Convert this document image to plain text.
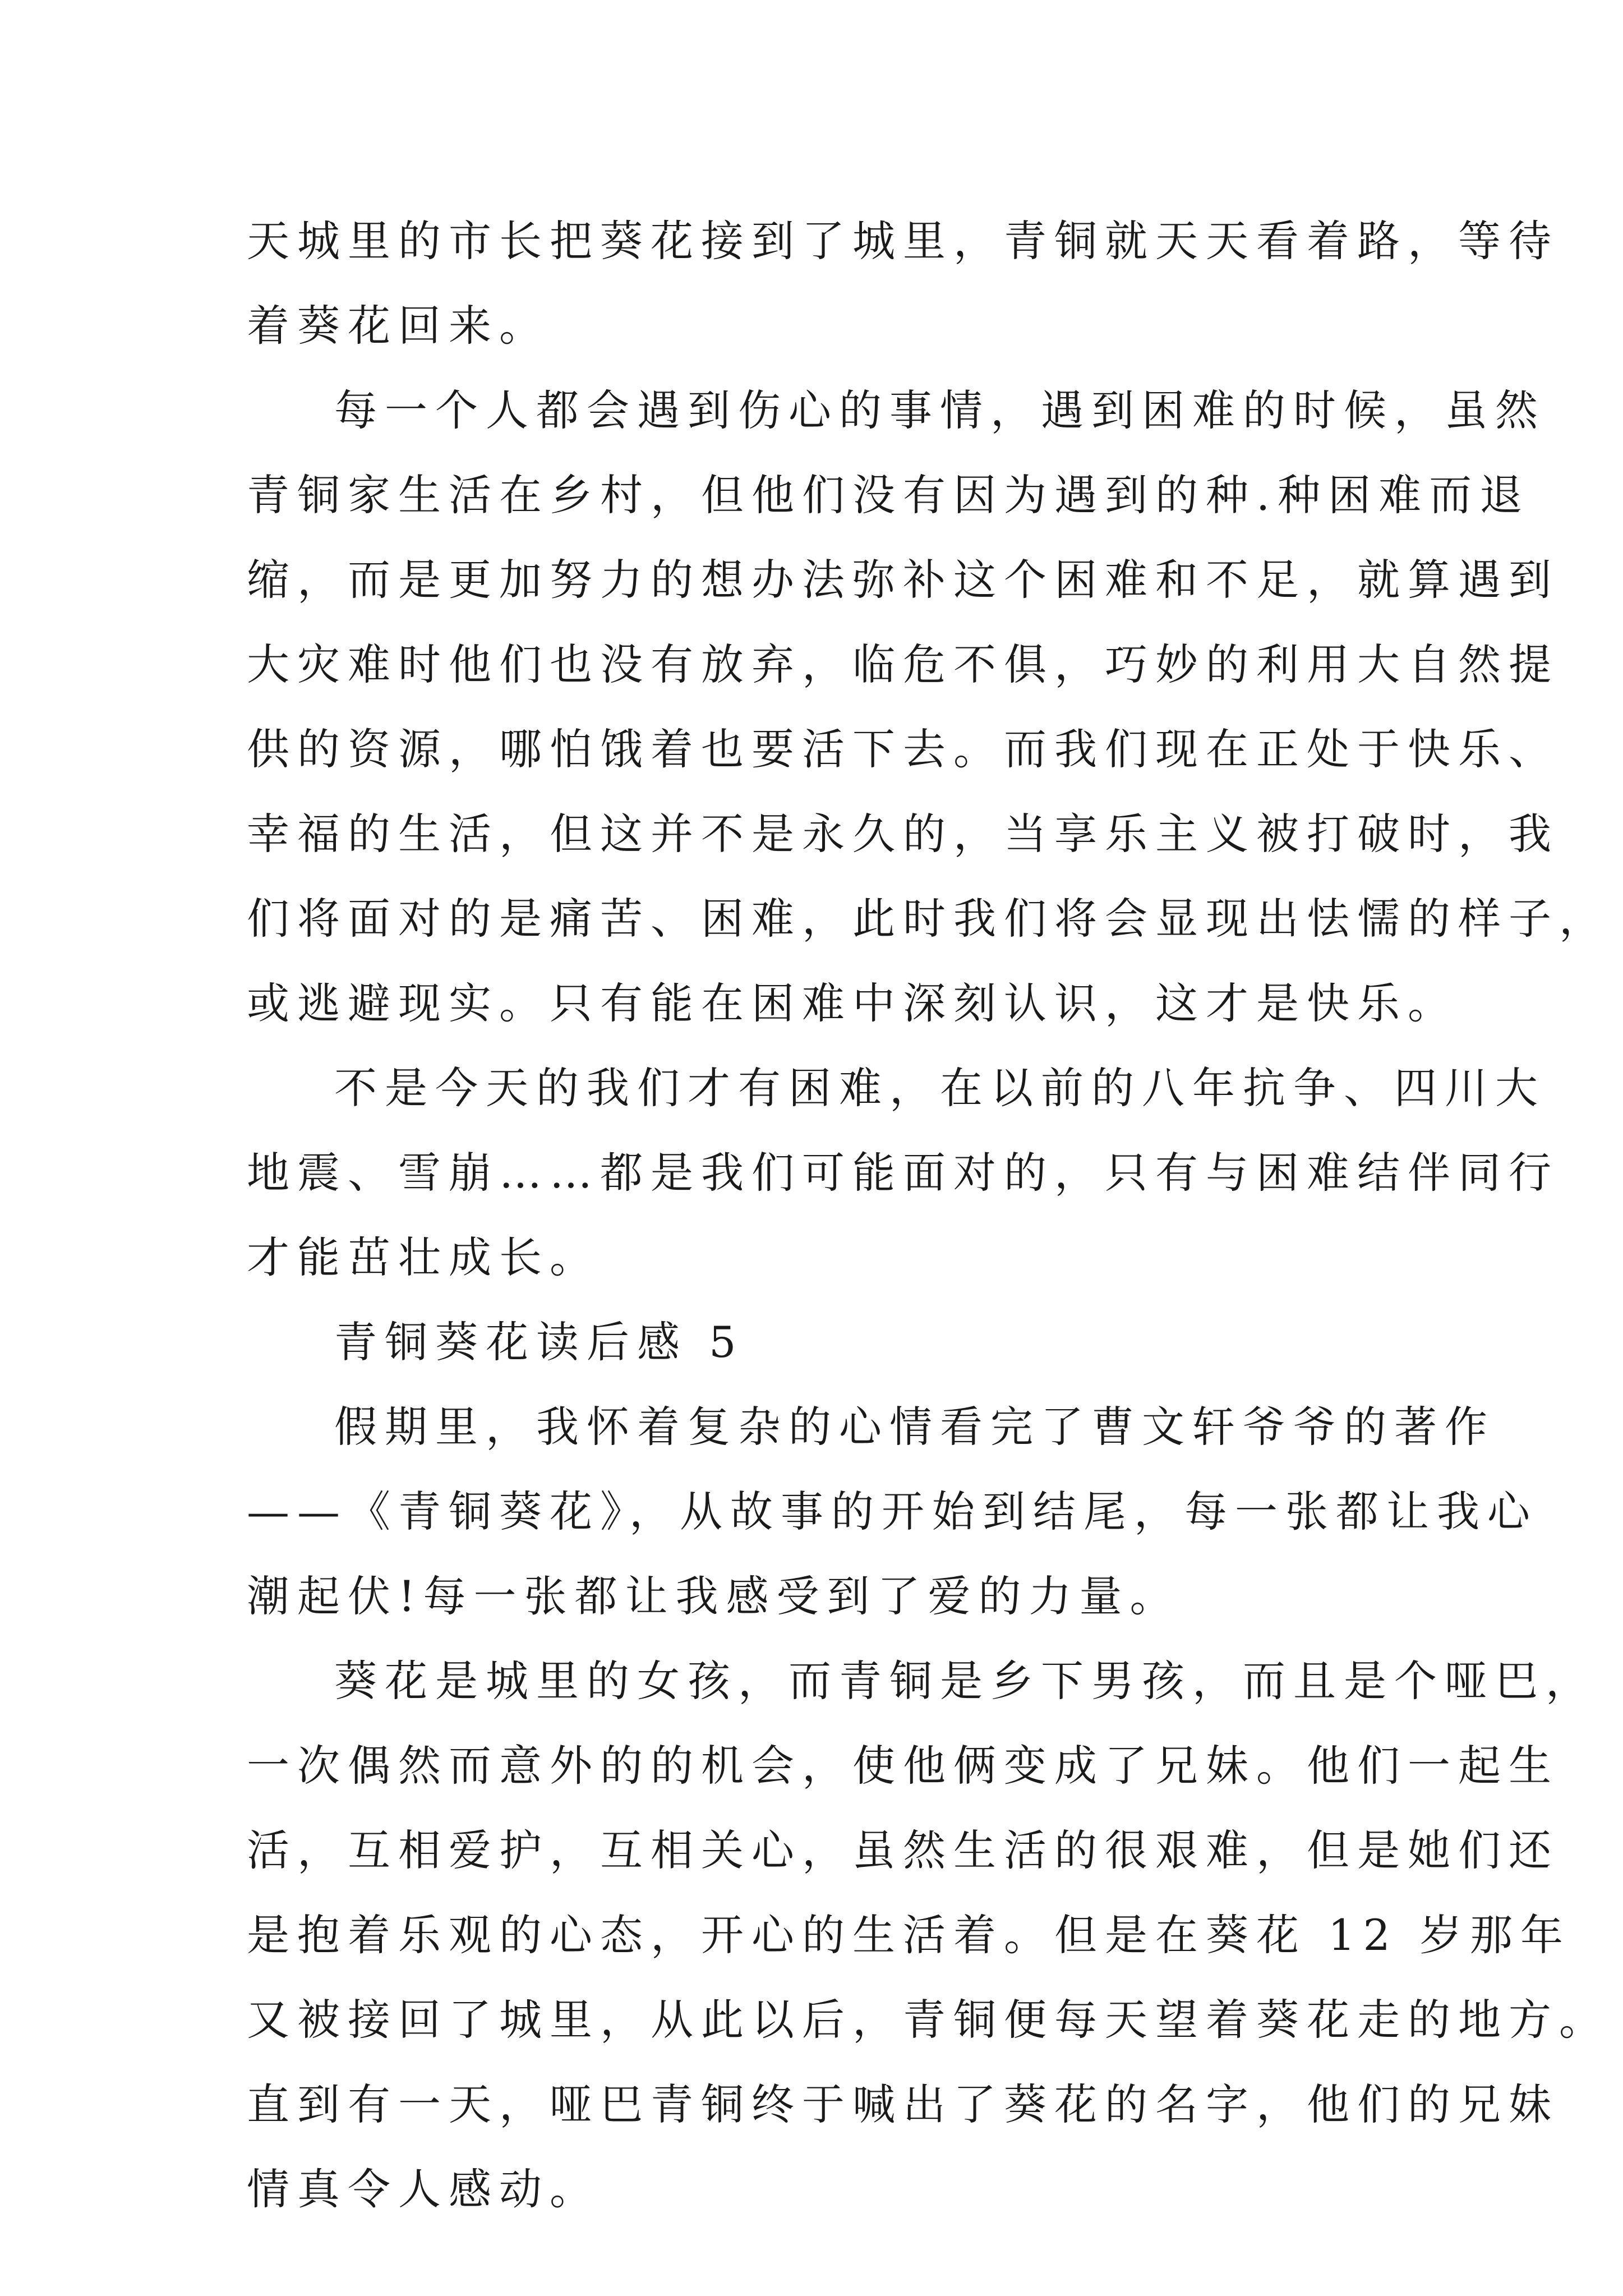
天城里的市长把葵花接到了城里，青铜就天天看着路，等待
着葵花回来。
每一个人都会遇到伤心的事情，遇到困难的时候，虽然
青铜家生活在乡村，但他们没有因为遇到的种.种困难而退
缩，而是更加努力的想办法弥补这个困难和不足，就算遇到
大灾难时他们也没有放弃，临危不俱，巧妙的利用大自然提
供的资源，哪怕饿着也要活下去。而我们现在正处于快乐、
幸福的生活，但这并不是永久的，当享乐主义被打破时，我
们将面对的是痛苦、困难，此时我们将会显现出怯懦的样子，
或逃避现实。只有能在困难中深刻认识，这才是快乐。
不是今天的我们才有困难，在以前的八年抗争、四川大
地震、雪崩……都是我们可能面对的，只有与困难结伴同行
才能茁壮成长。
青铜葵花读后感 5
假期里，我怀着复杂的心情看完了曹文轩爷爷的著作
——《青铜葵花》，从故事的开始到结尾，每一张都让我心
潮起伏!每一张都让我感受到了爱的力量。
葵花是城里的女孩，而青铜是乡下男孩，而且是个哑巴，
一次偶然而意外的的机会，使他俩变成了兄妹。他们一起生
活，互相爱护，互相关心，虽然生活的很艰难，但是她们还
是抱着乐观的心态，开心的生活着。但是在葵花 12 岁那年
又被接回了城里，从此以后，青铜便每天望着葵花走的地方。
直到有一天，哑巴青铜终于喊出了葵花的名字，他们的兄妹
情真令人感动。
